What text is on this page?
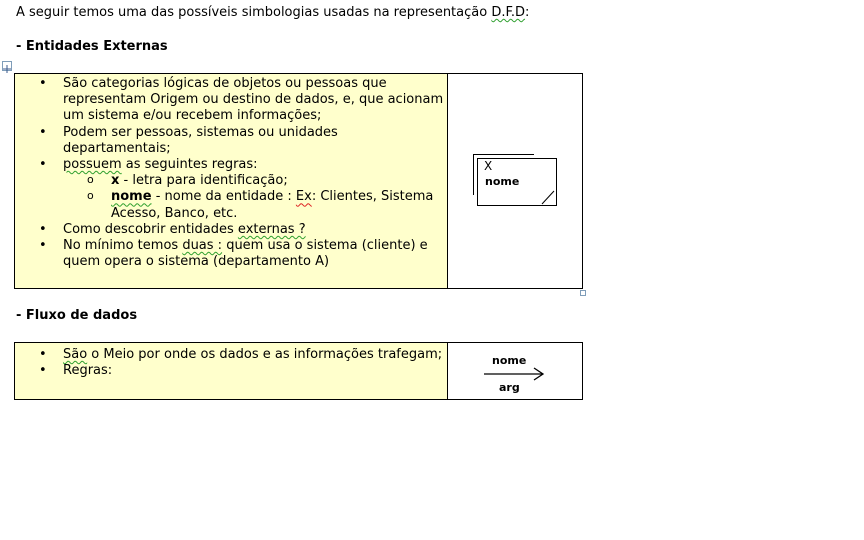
A seguir temos uma das possíveis simbologias usadas na representação D.F.D:
- Entidades Externas
• São categorias lógicas de objetos ou pessoas que representam Origem ou destino de dados, e, que acionam um sistema e/ou recebem informações;
• Podem ser pessoas, sistemas ou unidades departamentais;
• possuem as seguintes regras:
o x - letra para identificação;
o nome - nome da entidade : Ex: Clientes, Sistema Acesso, Banco, etc.
• Como descobrir entidades externas ?
• No mínimo temos duas : quem usa o sistema (cliente) e quem opera o sistema (departamento A)
X
nome
- Fluxo de dados
• São o Meio por onde os dados e as informações trafegam;
• Regras:
nome
arg
